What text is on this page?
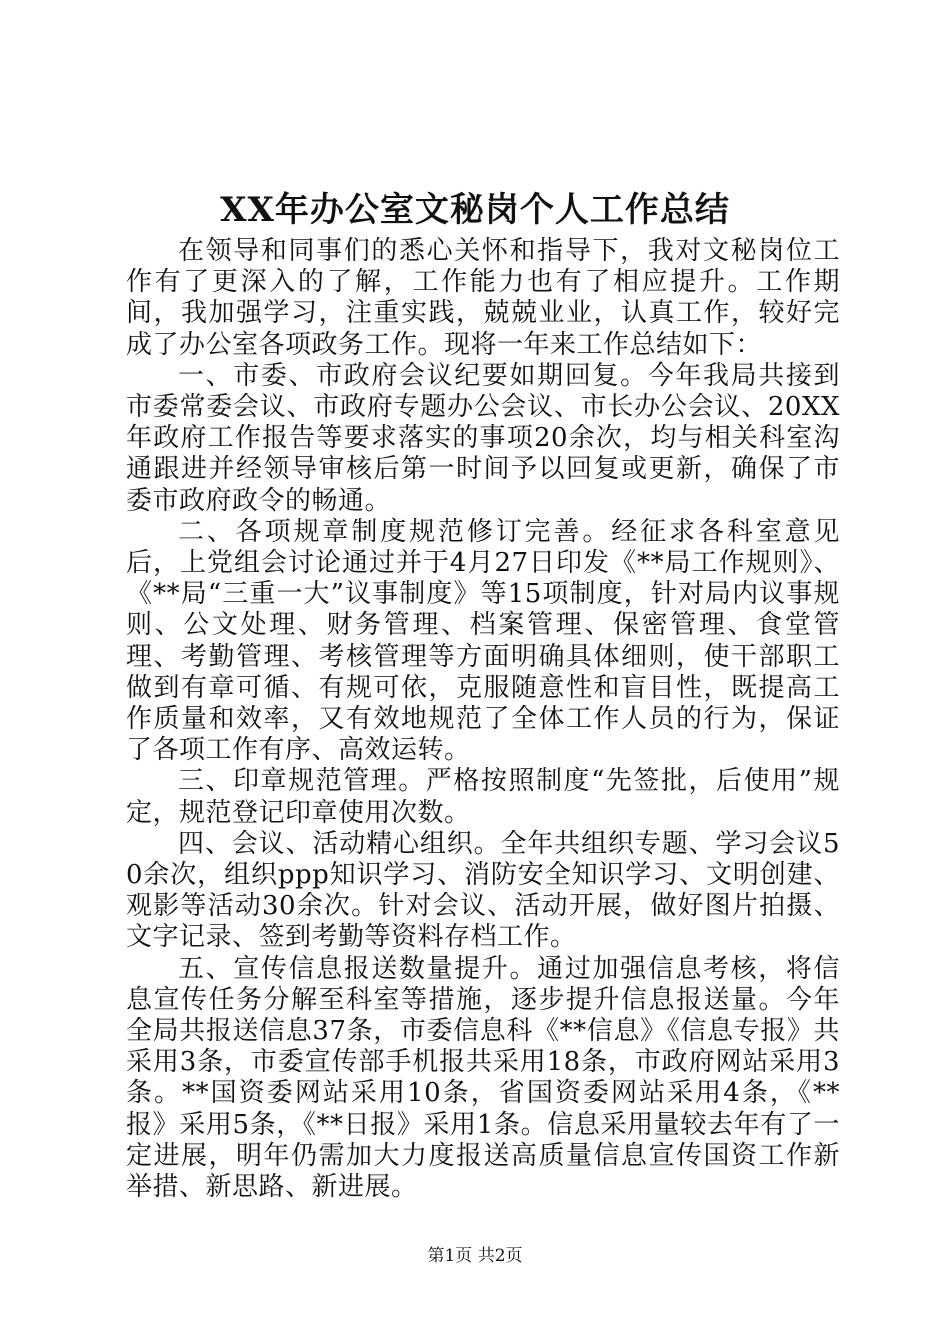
XX年办公室文秘岗个人工作总结

在领导和同事们的悉心关怀和指导下，我对文秘岗位工作有了更深入的了解，工作能力也有了相应提升。工作期间，我加强学习，注重实践，兢兢业业，认真工作，较好完成了办公室各项政务工作。现将一年来工作总结如下：

一、市委、市政府会议纪要如期回复。今年我局共接到市委常委会议、市政府专题办公会议、市长办公会议、20XX年政府工作报告等要求落实的事项20余次，均与相关科室沟通跟进并经领导审核后第一时间予以回复或更新，确保了市委市政府政令的畅通。

二、各项规章制度规范修订完善。经征求各科室意见后，上党组会讨论通过并于4月27日印发《**局工作规则》、《**局“三重一大”议事制度》等15项制度，针对局内议事规则、公文处理、财务管理、档案管理、保密管理、食堂管理、考勤管理、考核管理等方面明确具体细则，使干部职工做到有章可循、有规可依，克服随意性和盲目性，既提高工作质量和效率，又有效地规范了全体工作人员的行为，保证了各项工作有序、高效运转。

三、印章规范管理。严格按照制度“先签批，后使用”规定，规范登记印章使用次数。

四、会议、活动精心组织。全年共组织专题、学习会议50余次，组织ppp知识学习、消防安全知识学习、文明创建、观影等活动30余次。针对会议、活动开展，做好图片拍摄、文字记录、签到考勤等资料存档工作。

五、宣传信息报送数量提升。通过加强信息考核，将信息宣传任务分解至科室等措施，逐步提升信息报送量。今年全局共报送信息37条，市委信息科《**信息》《信息专报》共采用3条，市委宣传部手机报共采用18条，市政府网站采用3条。**国资委网站采用10条，省国资委网站采用4条，《**报》采用5条，《**日报》采用1条。信息采用量较去年有了一定进展，明年仍需加大力度报送高质量信息宣传国资工作新举措、新思路、新进展。

第1页 共2页
